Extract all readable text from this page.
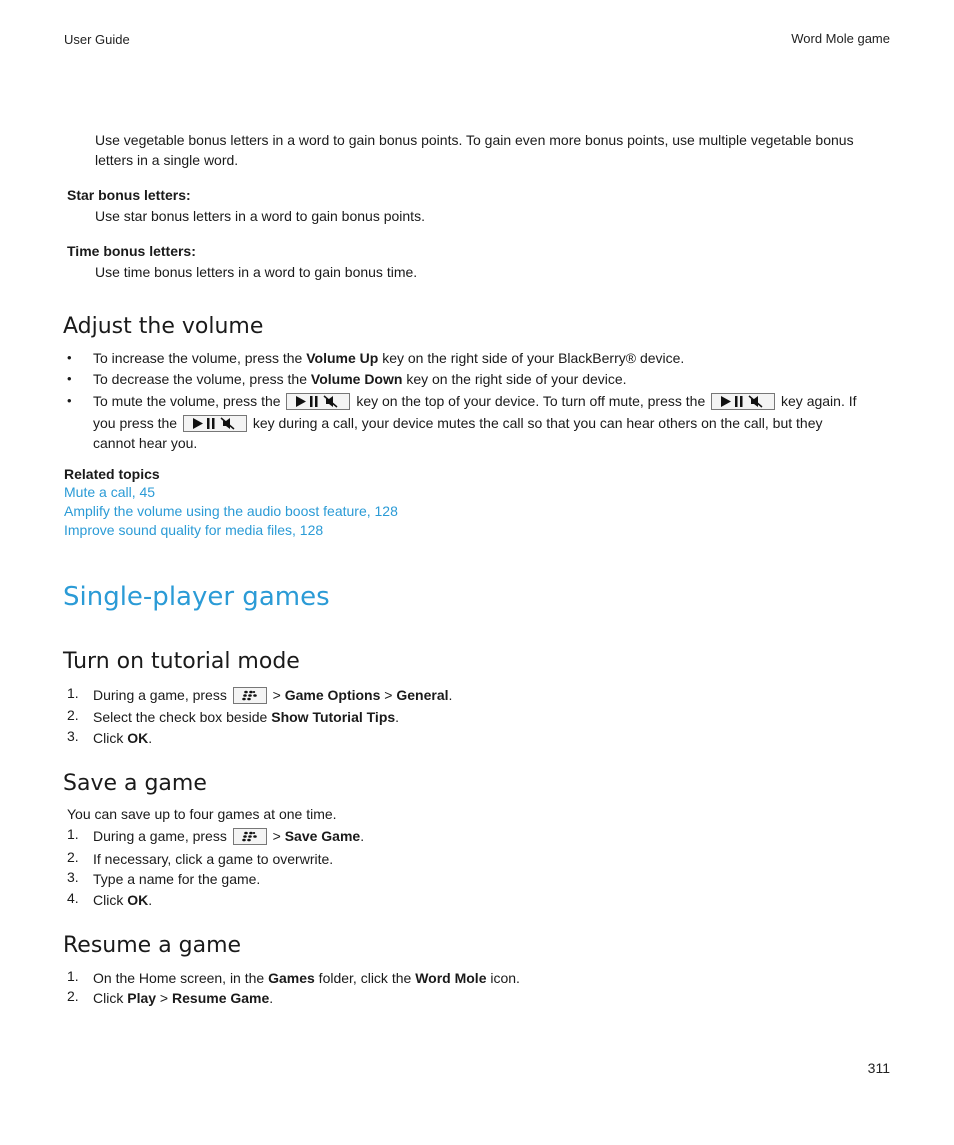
User Guide	Word Mole game
Use vegetable bonus letters in a word to gain bonus points. To gain even more bonus points, use multiple vegetable bonus
letters in a single word.
Star bonus letters:
Use star bonus letters in a word to gain bonus points.
Time bonus letters:
Use time bonus letters in a word to gain bonus time.
Adjust the volume
• To increase the volume, press the Volume Up key on the right side of your BlackBerry® device.
• To decrease the volume, press the Volume Down key on the right side of your device.
• To mute the volume, press the	key on the top of your device. To turn off mute, press the	key again. If
you press the	key during a call, your device mutes the call so that you can hear others on the call, but they
cannot hear you.
Related topics
Mute a call, 45
Amplify the volume using the audio boost feature, 128
Improve sound quality for media files, 128
Single-player games
Turn on tutorial mode
1. During a game, press	> Game Options > General.
2. Select the check box beside Show Tutorial Tips.
3. Click OK.
Save a game
You can save up to four games at one time.
1. During a game, press	> Save Game.
2. If necessary, click a game to overwrite.
3. Type a name for the game.
4. Click OK.
Resume a game
1. On the Home screen, in the Games folder, click the Word Mole icon.
2. Click Play > Resume Game.
311
